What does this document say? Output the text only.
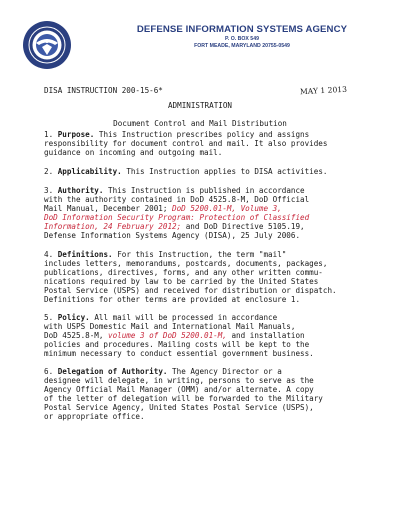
DEFENSE INFORMATION SYSTEMS AGENCY
P. O. BOX 549
FORT MEADE, MARYLAND 20755-0549
DISA INSTRUCTION 200-15-6*	MAY 1 2013
ADMINISTRATION
Document Control and Mail Distribution
1. Purpose. This Instruction prescribes policy and assigns
responsibility for document control and mail. It also provides
guidance on incoming and outgoing mail.
2. Applicability. This Instruction applies to DISA activities.
3. Authority. This Instruction is published in accordance
with the authority contained in DoD 4525.8-M, DoD Official
Mail Manual, December 2001; DoD 5200.01-M, Volume 3,
DoD Information Security Program: Protection of Classified
Information, 24 February 2012; and DoD Directive 5105.19,
Defense Information Systems Agency (DISA), 25 July 2006.
4. Definitions. For this Instruction, the term "mail"
includes letters, memorandums, postcards, documents, packages,
publications, directives, forms, and any other written commu-
nications required by law to be carried by the United States
Postal Service (USPS) and received for distribution or dispatch.
Definitions for other terms are provided at enclosure 1.
5. Policy. All mail will be processed in accordance
with USPS Domestic Mail and International Mail Manuals,
DoD 4525.8-M, volume 3 of DoD 5200.01-M, and installation
policies and procedures. Mailing costs will be kept to the
minimum necessary to conduct essential government business.
6. Delegation of Authority. The Agency Director or a
designee will delegate, in writing, persons to serve as the
Agency Official Mail Manager (OMM) and/or alternate. A copy
of the letter of delegation will be forwarded to the Military
Postal Service Agency, United States Postal Service (USPS),
or appropriate office.
